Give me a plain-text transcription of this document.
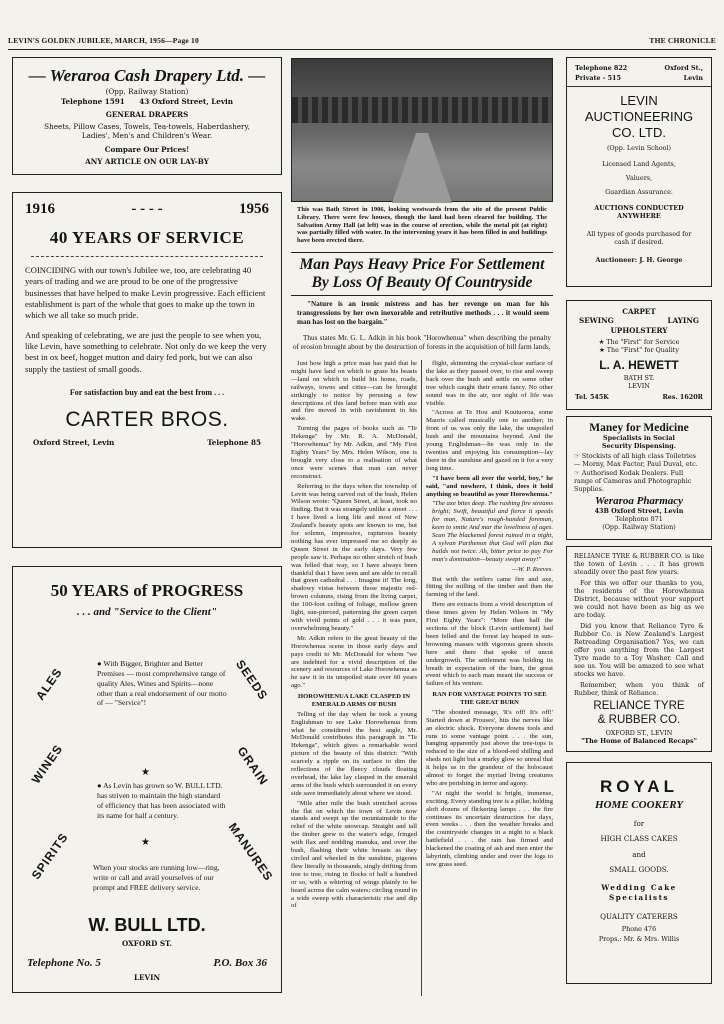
LEVIN'S GOLDEN JUBILEE, MARCH, 1956—Page 10	THE CHRONICLE
— Weraroa Cash Drapery Ltd. —
(Opp. Railway Station)
Telephone 1591 43 Oxford Street, Levin
GENERAL DRAPERS
Sheets, Pillow Cases, Towels, Tea-towels, Haberdashery,
Ladies', Men's and Children's Wear.
Compare Our Prices!
ANY ARTICLE ON OUR LAY-BY
1916	- - - -	1956
40 YEARS OF SERVICE

COINCIDING with our town's Jubilee we, too, are celebrating 40 years of trading and we are proud to be one of the progressive businesses that have helped to make Levin progressive. Each efficient establishment is part of the whole that goes to make up the town in which we all take so much pride.

And speaking of celebrating, we are just the people to see when you, like Levin, have something to celebrate. Not only do we keep the very best in ox beef, hogget mutton and dairy fed pork, but we can also supply the tastiest of small goods.

For satisfaction buy and eat the best from . . .

CARTER BROS.
Oxford Street, Levin	Telephone 85
50 YEARS of PROGRESS
. . . and "Service to the Client"

● With Bigger, Brighter and Better Premises — most comprehensive range of quality Ales, Wines and Spirits—none other than a real endorsement of our motto of — "Service"!

★

● As Levin has grown so W. BULL LTD. has striven to maintain the high standard of efficiency that has been associated with its name for half a century.

★

When your stocks are running low—ring, write or call and avail yourselves of our prompt and FREE delivery service.

ALES
WINES
SPIRITS
SEEDS
GRAIN
MANURES
W. BULL LTD.
OXFORD ST.
Telephone No. 5	P.O. Box 36
LEVIN

This was Bath Street in 1906, looking westwards from the site of the present Public Library. There were few houses, though the land had been cleared for building. The Salvation Army Hall (at left) was in the course of erection, while the metal pit (at right) was partially filled with water. In the intervening years it has been filled in and buildings have been erected there.

Man Pays Heavy Price For Settlement By Loss Of Beauty Of Countryside

"Nature is an ironic mistress and has her revenge on man for his transgressions by her own inexorable and retributive methods . . . it would seem man has lost on the bargain."

Thus states Mr. G. L. Adkin in his book "Horowhenua" when describing the penalty of erosion brought about by the destruction of forests in the acquisition of hill farm lands.

Just how high a price man has paid that he might have land on which to graze his beasts—land on which to build his home, roads, railways, towns and cities—can be brought strikingly to notice by perusing a few descriptions of this land before man with axe and fire moved in with ravishment in his wake.

Turning the pages of books such as "Te Hekenga" by Mr. R. A. McDonald, "Horowhenua" by Mr. Adkin, and "My First Eighty Years" by Mrs. Helen Wilson, one is brought very close to a realisation of what once were scenes that man can never reconstruct.

Referring to the days when the township of Levin was being carved out of the bush, Helen Wilson wrote: "Queen Street, at least, took no finding. But it was strangely unlike a street . . . I have lived a long life and most of New Zealand's beauty spots are known to me, but for solemn, impressive, rapturous beauty nothing has ever impressed me so deeply as Queen Street in the early days. Very few people saw it. Perhaps no other stretch of bush was felled that way, so I have always been thankful that I have seen and am able to recall that green cathedral . . . Imagine it! The long, shadowy vistas between those majestic red-brown columns, rising from the living carpet, the 100-foot ceiling of foliage, mellow green light, sun-pierced, patterning the green carpet with vivid points of gold . . . it was pure, overwhelming beauty."

Mr. Adkin refers to the great beauty of the Horowhenua scene in those early days and pays credit to Mr. McDonald for whom "we are indebted for a vivid description of the scenery and resources of Lake Horowhenua as he saw it in its unspoiled state over 60 years ago."

HOROWHENUA LAKE CLASPED IN EMERALD ARMS OF BUSH

Telling of the day when he took a young Englishman to see Lake Horowhenua from what he considered the best angle, Mr. McDonald contributes this paragraph in "Te Hekenga", which gives a remarkable word picture of the beauty of this district: "With scarcely a ripple on its surface to dim the reflections of the fleecy clouds floating overhead, the lake lay clasped in the emerald arms of the bush which surrounded it on every side save immediately about where we stood.

"Mile after mile the bush stretched across the flat on which the town of Levin now stands and swept up the mountainside to the relief of the white snowcap. Straight and tall the timber grew to the water's edge, fringed with flax and nodding manuka, and over the bush, flashing their white breasts as they circled and wheeled in the sunshine, pigeons flew literally in thousands, singly drifting from tree to tree, rising in flocks of half a hundred or so, with a whirring of wings plainly to be heard across the calm waters; circling round in a wide sweep with characteristic rise and dip of

flight, skimming the crystal-clear surface of the lake as they passed over, to rise and sweep back over the bush and settle on some other tree which caught their errant fancy. No other sound was in the air, nor sight of life was visible.

"Across at Te Hou and Koutuoroa, some Maoris called musically one to another; in front of us was only the lake, the unspoiled bush and the mountains beyond. And the young Englishman—he was only in the twenties and enjoying his consumption—lay there in the sunshine and gazed on it for a very long time.

"I have been all over the world, boy," he said, "and nowhere, I think, does it hold anything so beautiful as your Horowhenua."

"The axe bites deep. The rushing fire streams bright; Swift, beautiful and fierce it speeds for man, Nature's rough-handed foreman, keen to smite And mar the loveliness of ages. Scan The blackened forest ruined in a night, A sylvan Parthenon that God will plan But builds not twice. Ah, bitter price to pay For man's domination—beauty swept away!"

—W. P. Reeves.

But with the settlers came fire and axe, fitting the milling of the timber and then the farming of the land.

Here are extracts from a vivid description of these times given by Helen Wilson in "My First Eighty Years": "More than half the sections of the block (Levin settlement) had been felled and the forest lay heaped in sun-browning masses with vigorous green shoots here and there that spoke of uncut undergrowth. The settlement was holding its breath in expectation of the burn, the great event which to each man meant the success or failure of his venture.

RAN FOR VANTAGE POINTS TO SEE THE GREAT BURN

"The shouted message, 'It's off! It's off!' Started down at Prouses', hits the nerves like an electric shock. Everyone downs tools and runs to some vantage point . . . the sun, hanging apparently just above the tree-tops is reduced to the size of a blood-red shilling and sheds not light but a murky glow so unreal that it helps us in the grandeur of the holocaust almost to forget the myriad living creatures who are perishing in terror and agony.

"At night the world is bright, immense, exciting. Every standing tree is a pillar, holding aloft dozens of flickering lamps . . . the fire continues its uncertain destruction for days, even weeks . . . then the weather breaks and the countryside changes in a night to a black battlefield . . . the rain has firmed and blackened the coating of ash and men enter the labyrinth, climbing under and over the logs to sow grass seed.

Telephone 822	Oxford St.,
Private - 515	Levin
LEVIN
AUCTIONEERING
CO. LTD.
(Opp. Levin School)
Licensed Land Agents,
Valuers,
Guardian Assurance.
AUCTIONS CONDUCTED ANYWHERE
All types of goods purchased for cash if desired.
Auctioneer: J. H. George
CARPET
SEWING	LAYING
UPHOLSTERY
★ The "First" for Service
★ The "First" for Quality
L. A. HEWETT
BATH ST.
LEVIN
Tel. 545K	Res. 1620R
Maney for Medicine
Specialists in Social
Security Dispensing.
☞ Stockists of all high class Toiletries — Morny, Max Factor, Paul Duval, etc.
☞ Authorised Kodak Dealers. Full range of Cameras and Photographic Supplies.
Weraroa Pharmacy
43B Oxford Street, Levin
Telephone 871
(Opp. Railway Station)

RELIANCE TYRE & RUBBER CO. is like the town of Levin . . . it has grown steadily over the past few years.

For this we offer our thanks to you, the residents of the Horowhenua District, because without your support we could not have been as big as we are today.

Did you know that Reliance Tyre & Rubber Co. is New Zealand's Largest Retreading Organisation? Yes, we can offer you anything from the Largest Tyre made to a Toy Washer. Call and see us. You will be amazed to see what stocks we have.

Remember, when you think of Rubber, think of Reliance.

RELIANCE TYRE
& RUBBER CO.
OXFORD ST., LEVIN
"The Home of Balanced Recaps"
ROYAL
HOME COOKERY
for
HIGH CLASS CAKES
and
SMALL GOODS.
Wedding Cake
Specialists
QUALITY CATERERS
Phone 476
Props.: Mr. & Mrs. Willis
